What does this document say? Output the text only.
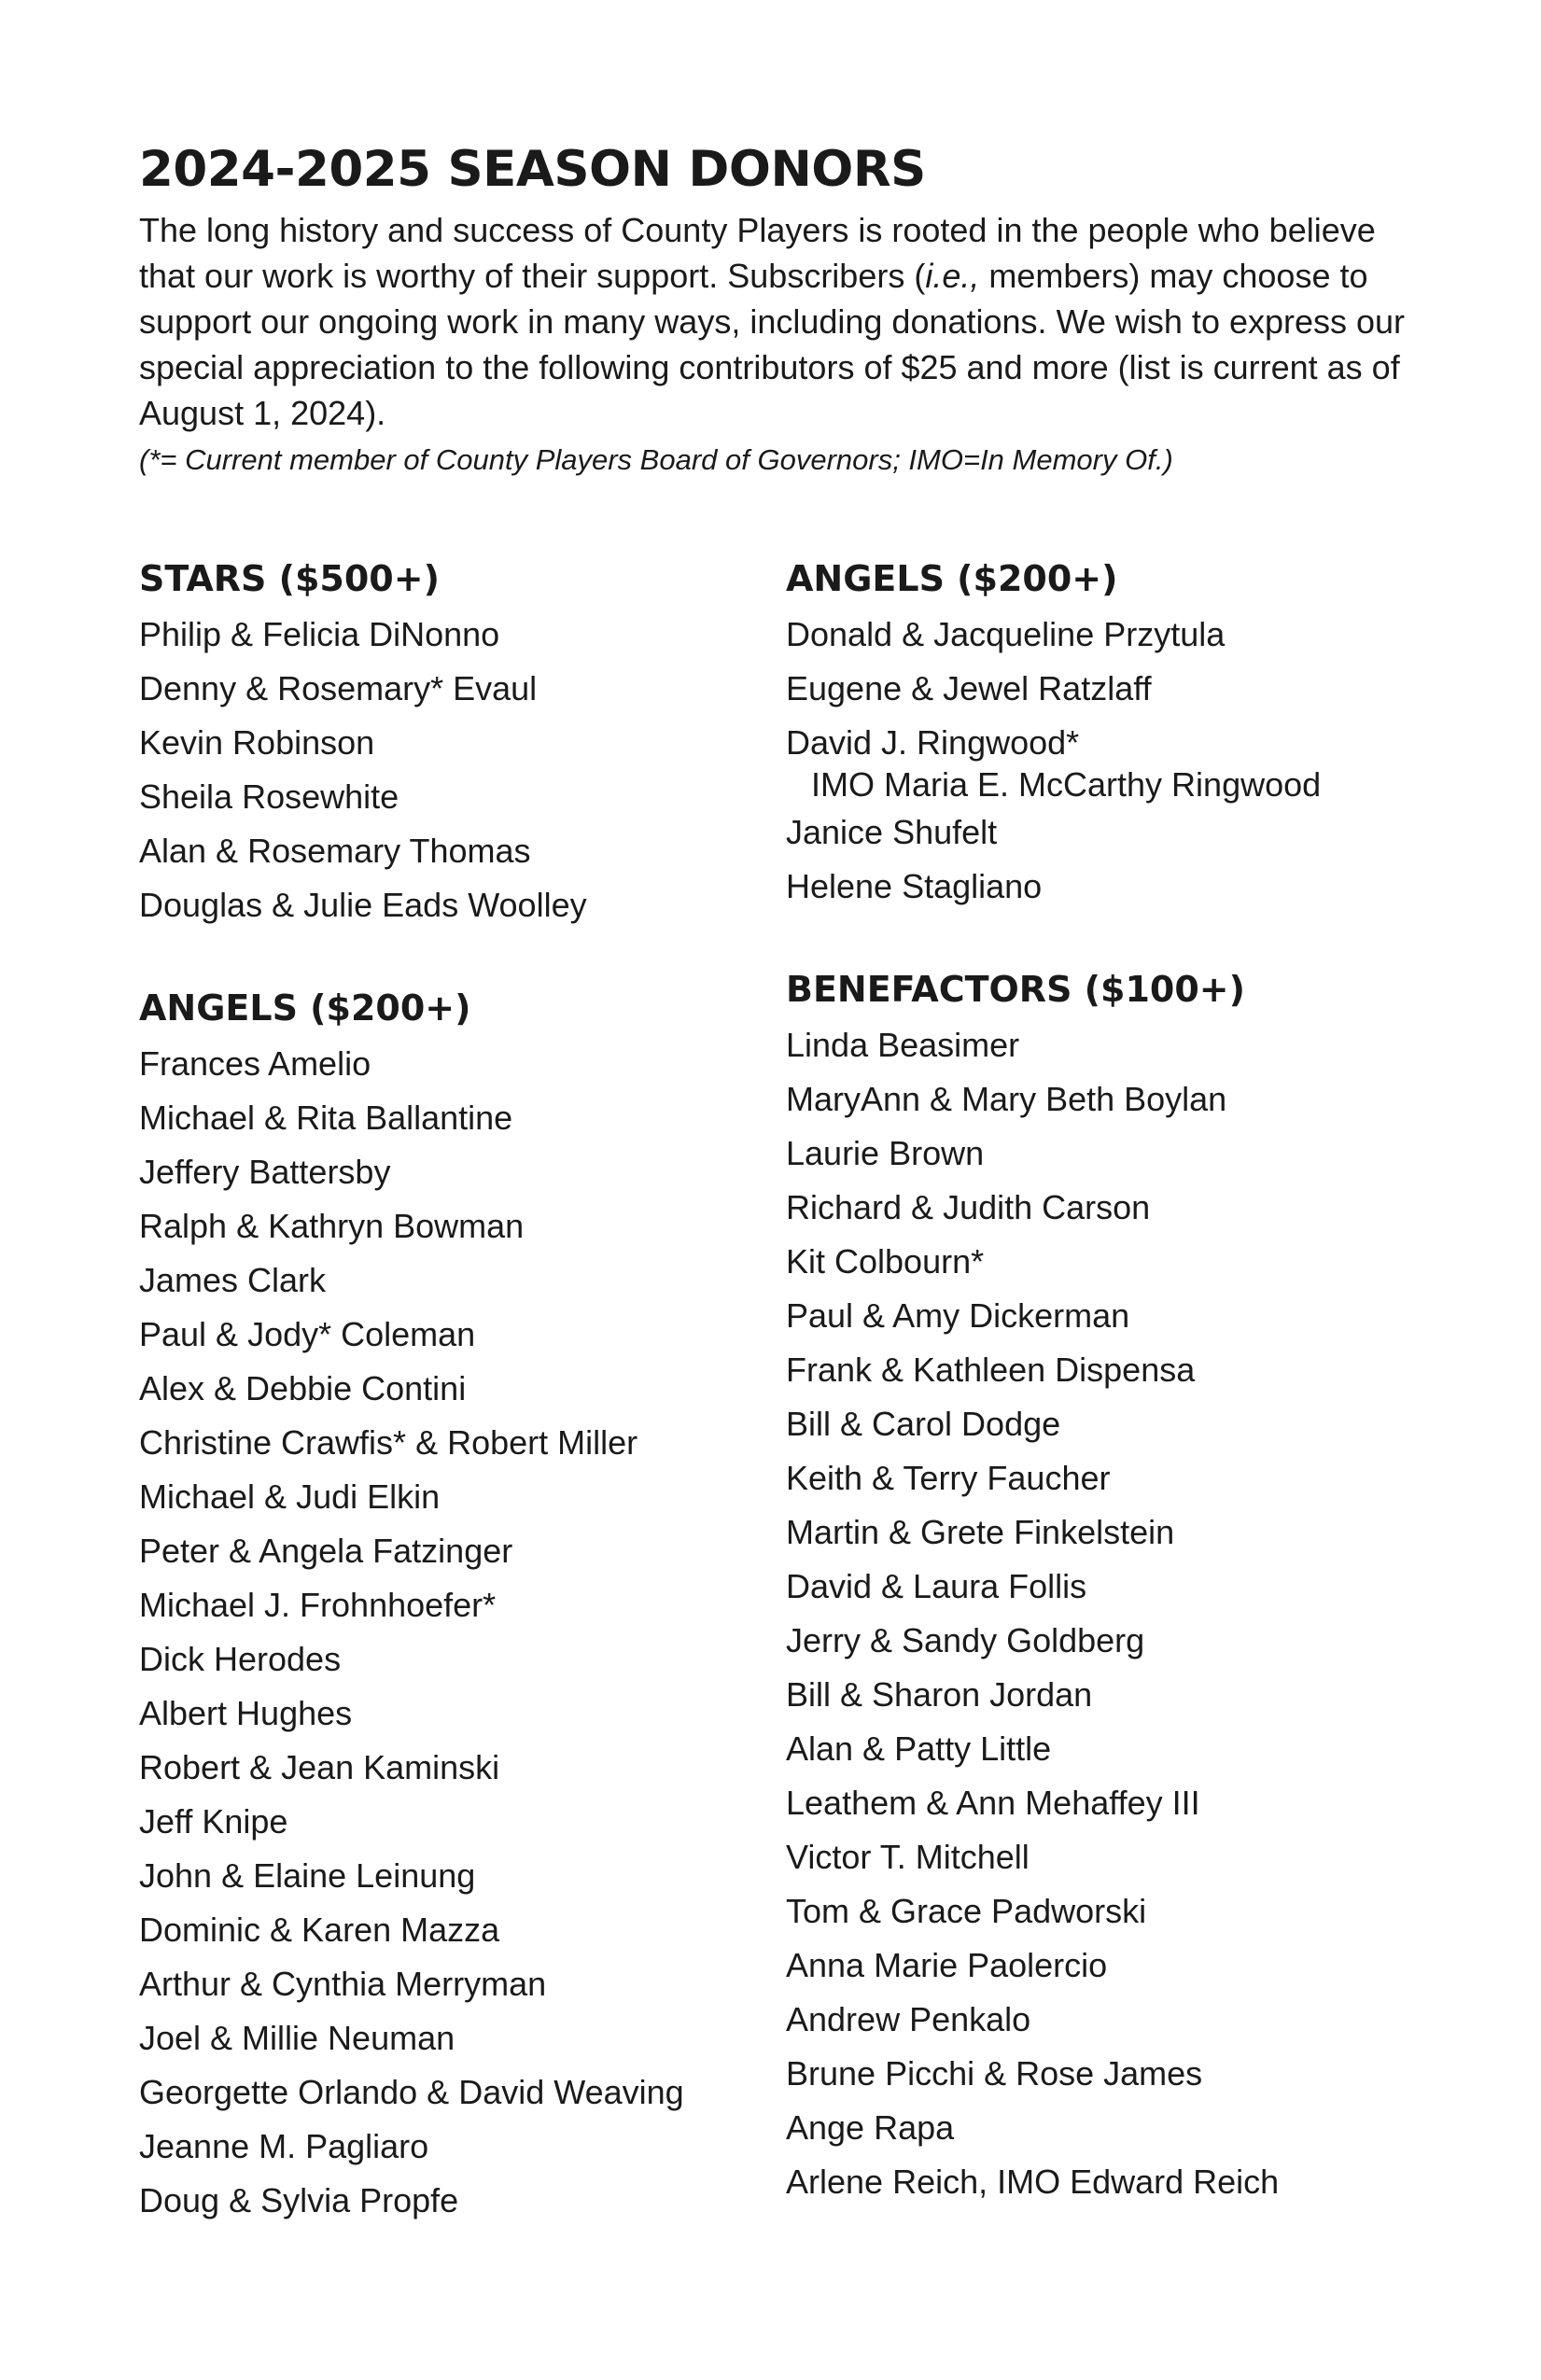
2024-2025 SEASON DONORS

The long history and success of County Players is rooted in the people who believe that our work is worthy of their support. Subscribers (i.e., members) may choose to support our ongoing work in many ways, including donations. We wish to express our special appreciation to the following contributors of $25 and more (list is current as of August 1, 2024).

(*= Current member of County Players Board of Governors; IMO=In Memory Of.)

STARS ($500+)
Philip & Felicia DiNonno
Denny & Rosemary* Evaul
Kevin Robinson
Sheila Rosewhite
Alan & Rosemary Thomas
Douglas & Julie Eads Woolley
ANGELS ($200+)
Frances Amelio
Michael & Rita Ballantine
Jeffery Battersby
Ralph & Kathryn Bowman
James Clark
Paul & Jody* Coleman
Alex & Debbie Contini
Christine Crawfis* & Robert Miller
Michael & Judi Elkin
Peter & Angela Fatzinger
Michael J. Frohnhoefer*
Dick Herodes
Albert Hughes
Robert & Jean Kaminski
Jeff Knipe
John & Elaine Leinung
Dominic & Karen Mazza
Arthur & Cynthia Merryman
Joel & Millie Neuman
Georgette Orlando & David Weaving
Jeanne M. Pagliaro
Doug & Sylvia Propfe
ANGELS ($200+)
Donald & Jacqueline Przytula
Eugene & Jewel Ratzlaff
David J. Ringwood*
IMO Maria E. McCarthy Ringwood
Janice Shufelt
Helene Stagliano
BENEFACTORS ($100+)
Linda Beasimer
MaryAnn & Mary Beth Boylan
Laurie Brown
Richard & Judith Carson
Kit Colbourn*
Paul & Amy Dickerman
Frank & Kathleen Dispensa
Bill & Carol Dodge
Keith & Terry Faucher
Martin & Grete Finkelstein
David & Laura Follis
Jerry & Sandy Goldberg
Bill & Sharon Jordan
Alan & Patty Little
Leathem & Ann Mehaffey III
Victor T. Mitchell
Tom & Grace Padworski
Anna Marie Paolercio
Andrew Penkalo
Brune Picchi & Rose James
Ange Rapa
Arlene Reich, IMO Edward Reich
